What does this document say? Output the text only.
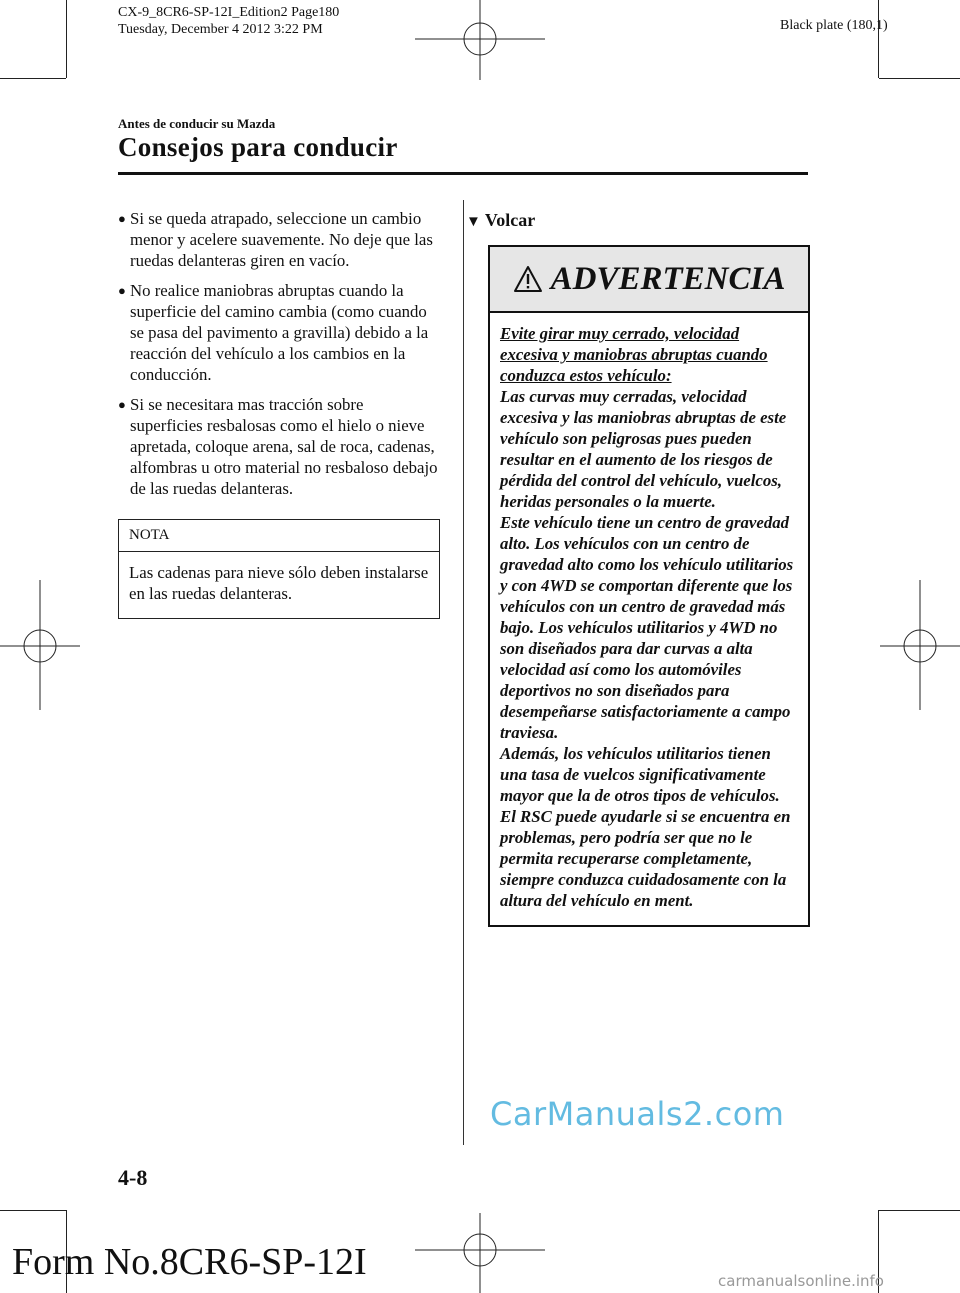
CX-9_8CR6-SP-12I_Edition2 Page180
Tuesday, December 4 2012 3:22 PM	Black plate (180,1)
Antes de conducir su Mazda
Consejos para conducir
● Si se queda atrapado, seleccione un cambio menor y acelere suavemente. No deje que las ruedas delanteras giren en vacío.
● No realice maniobras abruptas cuando la superficie del camino cambia (como cuando se pasa del pavimento a gravilla) debido a la reacción del vehículo a los cambios en la conducción.
● Si se necesitara mas tracción sobre superficies resbalosas como el hielo o nieve apretada, coloque arena, sal de roca, cadenas, alfombras u otro material no resbaloso debajo de las ruedas delanteras.
NOTA
Las cadenas para nieve sólo deben instalarse en las ruedas delanteras.
▼ Volcar
ADVERTENCIA
Evite girar muy cerrado, velocidad excesiva y maniobras abruptas cuando conduzca estos vehículo:
Las curvas muy cerradas, velocidad excesiva y las maniobras abruptas de este vehículo son peligrosas pues pueden resultar en el aumento de los riesgos de pérdida del control del vehículo, vuelcos, heridas personales o la muerte.
Este vehículo tiene un centro de gravedad alto. Los vehículos con un centro de gravedad alto como los vehículo utilitarios y con 4WD se comportan diferente que los vehículos con un centro de gravedad más bajo. Los vehículos utilitarios y 4WD no son diseñados para dar curvas a alta velocidad así como los automóviles deportivos no son diseñados para desempeñarse satisfactoriamente a campo traviesa.
Además, los vehículos utilitarios tienen una tasa de vuelcos significativamente mayor que la de otros tipos de vehículos.
El RSC puede ayudarle si se encuentra en problemas, pero podría ser que no le permita recuperarse completamente, siempre conduzca cuidadosamente con la altura del vehículo en ment.
CarManuals2.com
4-8
Form No.8CR6-SP-12I	carmanualsonline.info
